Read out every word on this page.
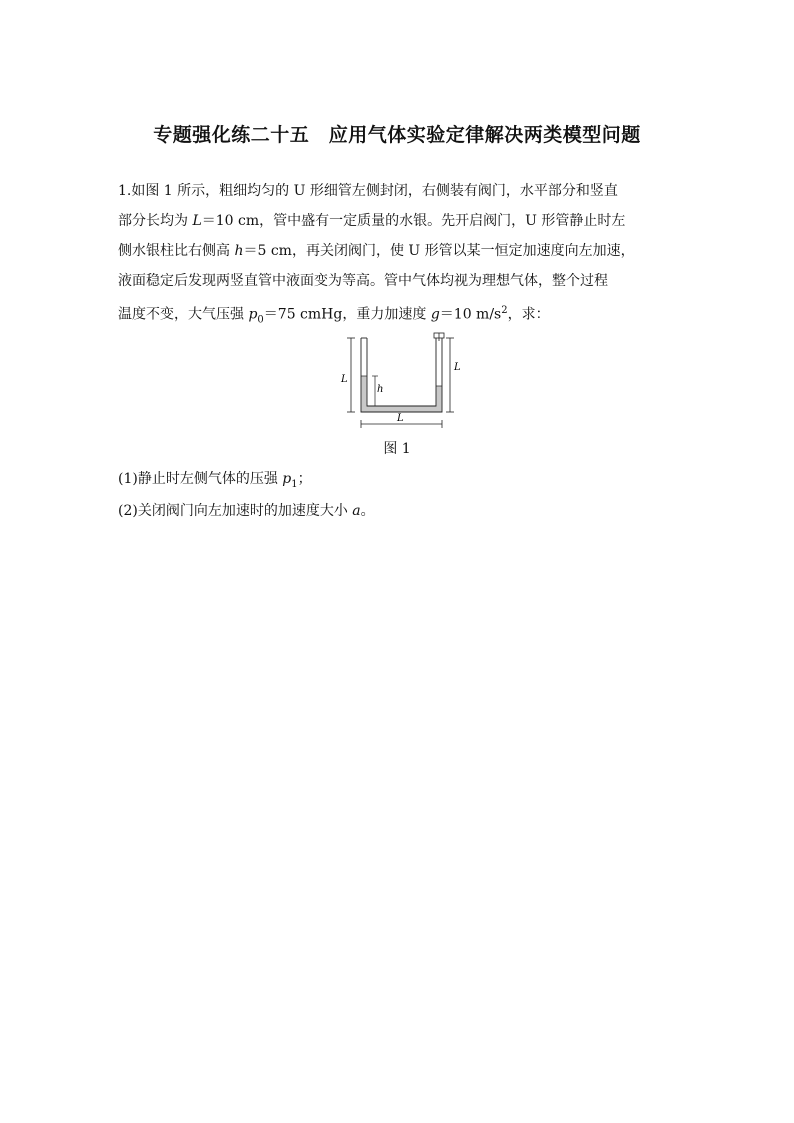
专题强化练二十五　应用气体实验定律解决两类模型问题
1.如图 1 所示，粗细均匀的 U 形细管左侧封闭，右侧装有阀门，水平部分和竖直
部分长均为 L＝10 cm，管中盛有一定质量的水银。先开启阀门，U 形管静止时左
侧水银柱比右侧高 h＝5 cm，再关闭阀门，使 U 形管以某一恒定加速度向左加速，
液面稳定后发现两竖直管中液面变为等高。管中气体均视为理想气体，整个过程
温度不变，大气压强 $p_0=75$ cmHg，重力加速度 g＝10 $m/s^2$，求：
L
h
L
L
图 1
(1)静止时左侧气体的压强 $p_1$；
(2)关闭阀门向左加速时的加速度大小 a。
